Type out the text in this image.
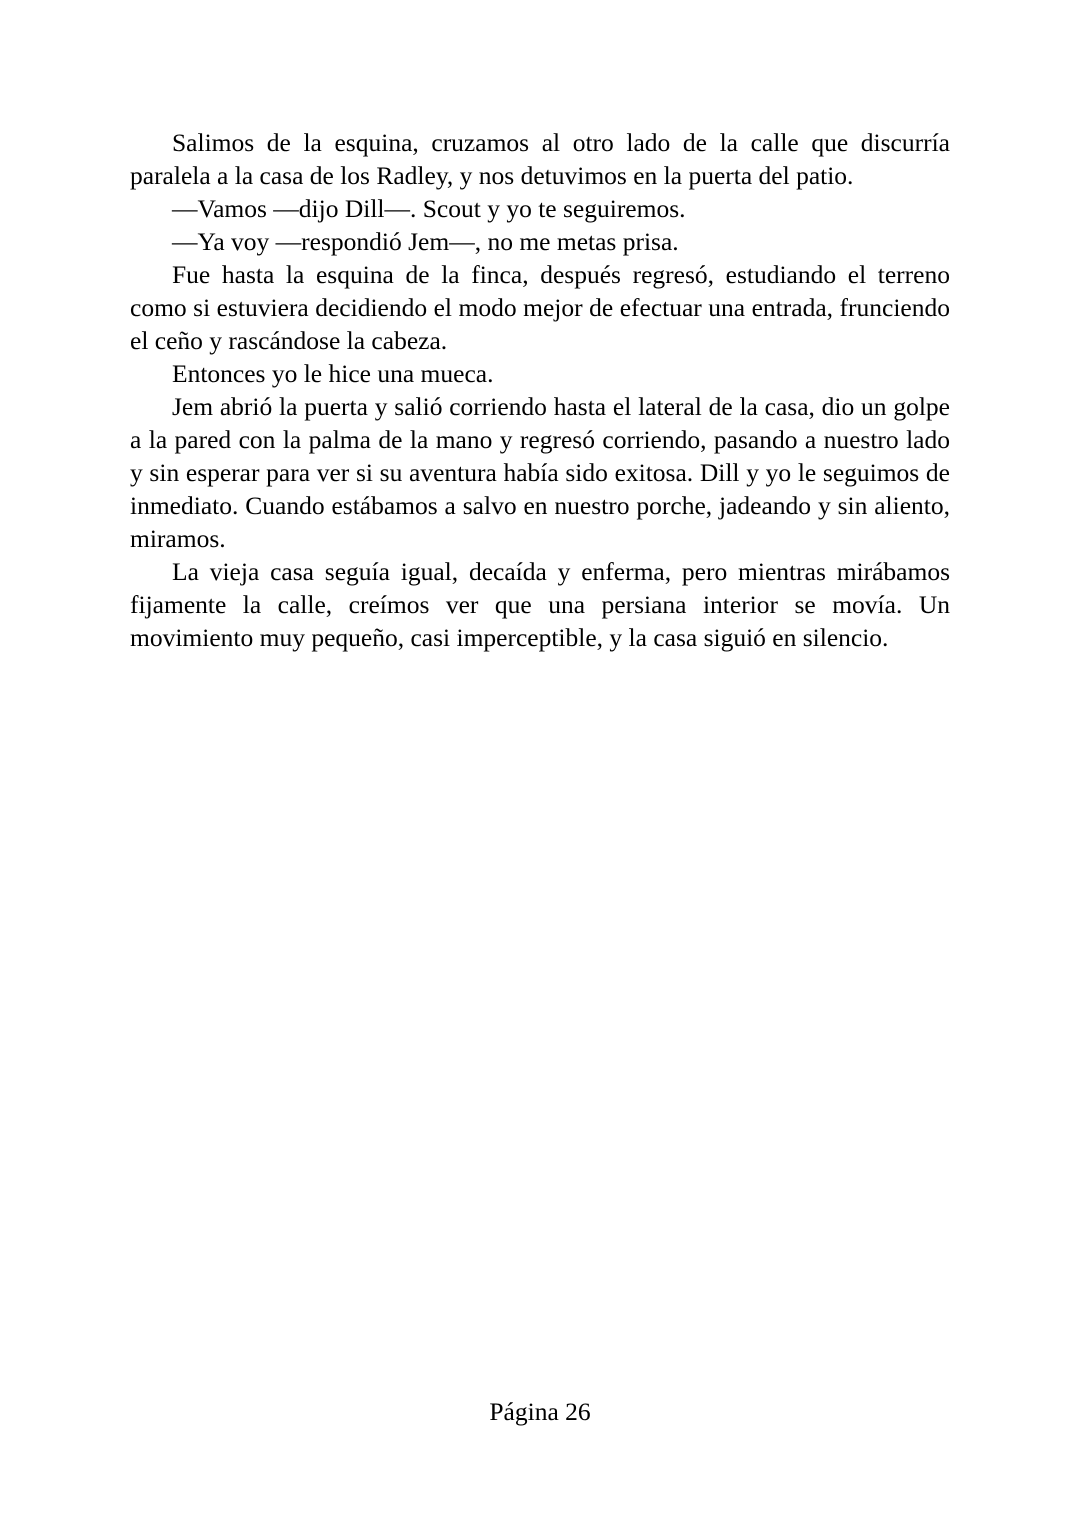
Salimos de la esquina, cruzamos al otro lado de la calle que discurría paralela a la casa de los Radley, y nos detuvimos en la puerta del patio.

—Vamos —dijo Dill—. Scout y yo te seguiremos.

—Ya voy —respondió Jem—, no me metas prisa.

Fue hasta la esquina de la finca, después regresó, estudiando el terreno como si estuviera decidiendo el modo mejor de efectuar una entrada, frunciendo el ceño y rascándose la cabeza.

Entonces yo le hice una mueca.

Jem abrió la puerta y salió corriendo hasta el lateral de la casa, dio un golpe a la pared con la palma de la mano y regresó corriendo, pasando a nuestro lado y sin esperar para ver si su aventura había sido exitosa. Dill y yo le seguimos de inmediato. Cuando estábamos a salvo en nuestro porche, jadeando y sin aliento, miramos.

La vieja casa seguía igual, decaída y enferma, pero mientras mirábamos fijamente la calle, creímos ver que una persiana interior se movía. Un movimiento muy pequeño, casi imperceptible, y la casa siguió en silencio.

Página 26
